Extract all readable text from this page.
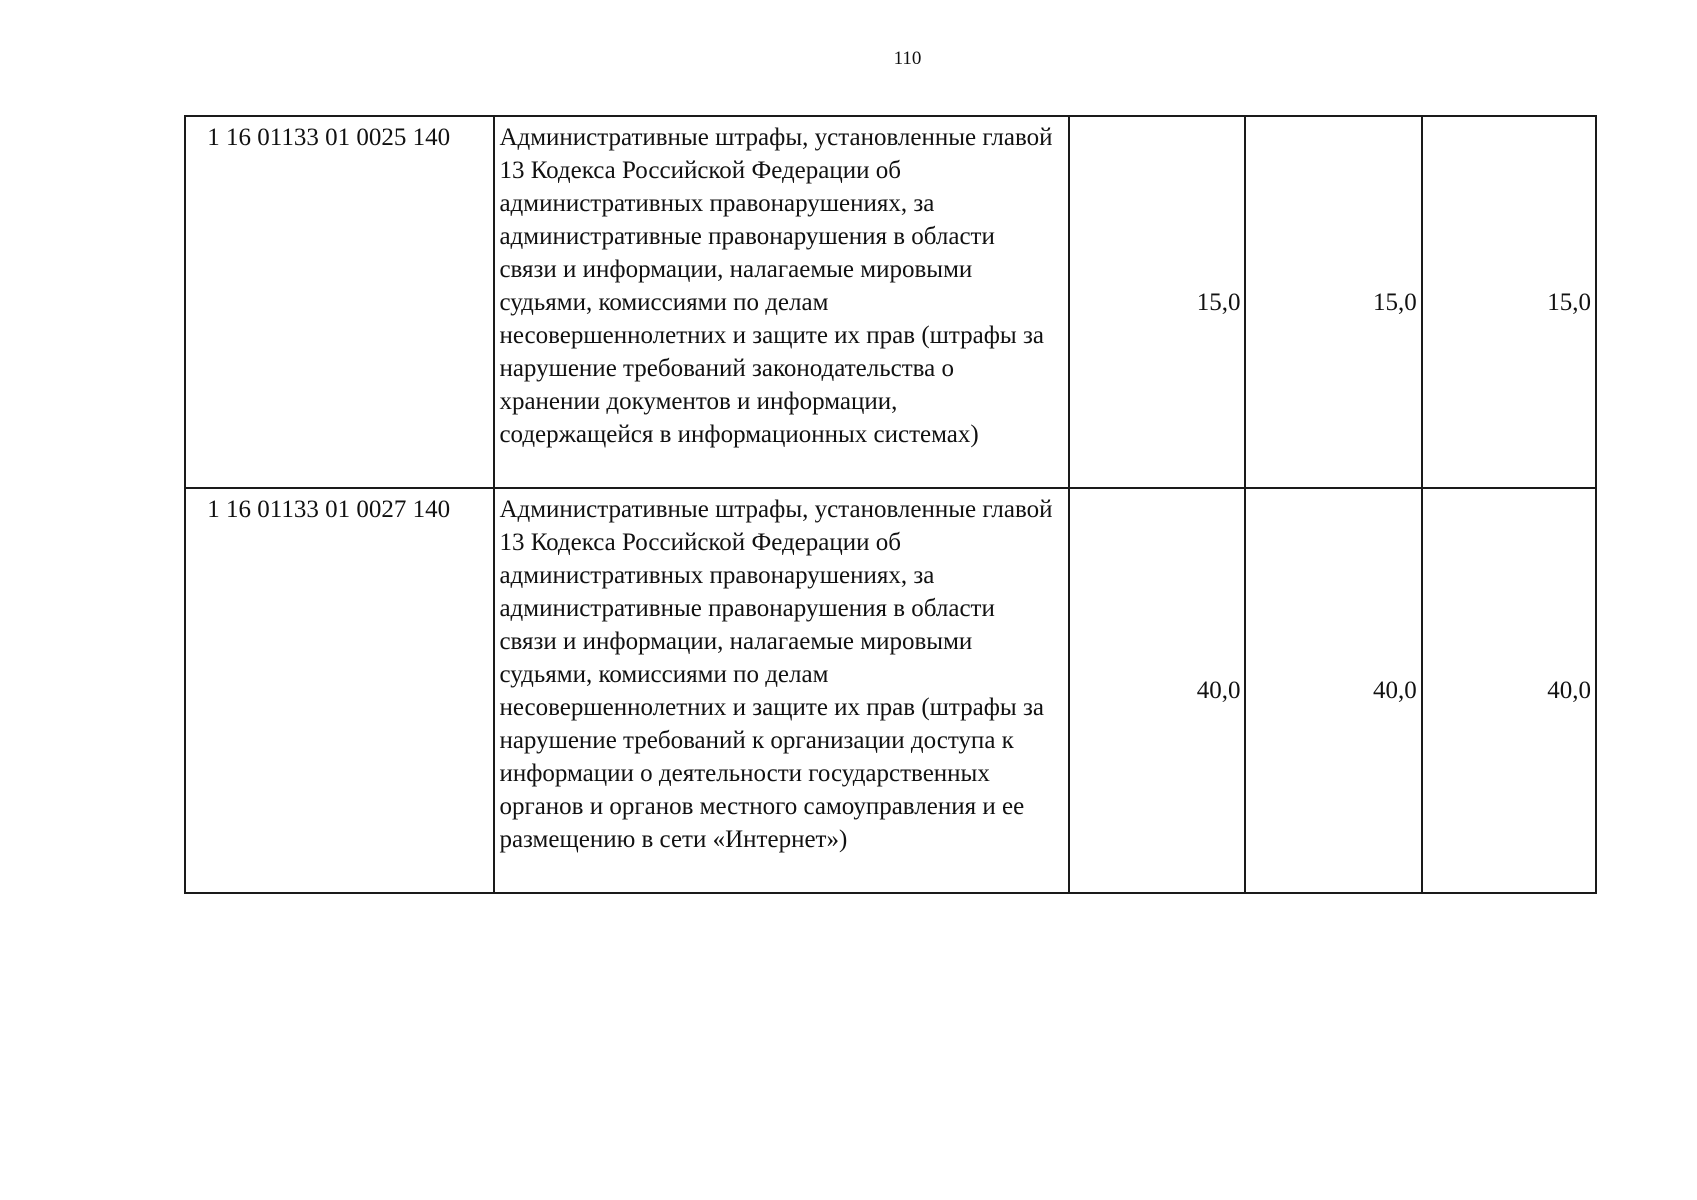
110
1 16 01133 01 0025 140	Административные штрафы, установленные главой 13 Кодекса Российской Федерации об административных правонарушениях, за административные правонарушения в области связи и информации, налагаемые мировыми судьями, комиссиями по делам несовершеннолетних и защите их прав (штрафы за нарушение требований законодательства о хранении документов и информации, содержащейся в информационных системах)	15,0	15,0	15,0

1 16 01133 01 0027 140	Административные штрафы, установленные главой 13 Кодекса Российской Федерации об административных правонарушениях, за административные правонарушения в области связи и информации, налагаемые мировыми судьями, комиссиями по делам несовершеннолетних и защите их прав (штрафы за нарушение требований к организации доступа к информации о деятельности государственных органов и органов местного самоуправления и ее размещению в сети «Интернет»)	40,0	40,0	40,0
